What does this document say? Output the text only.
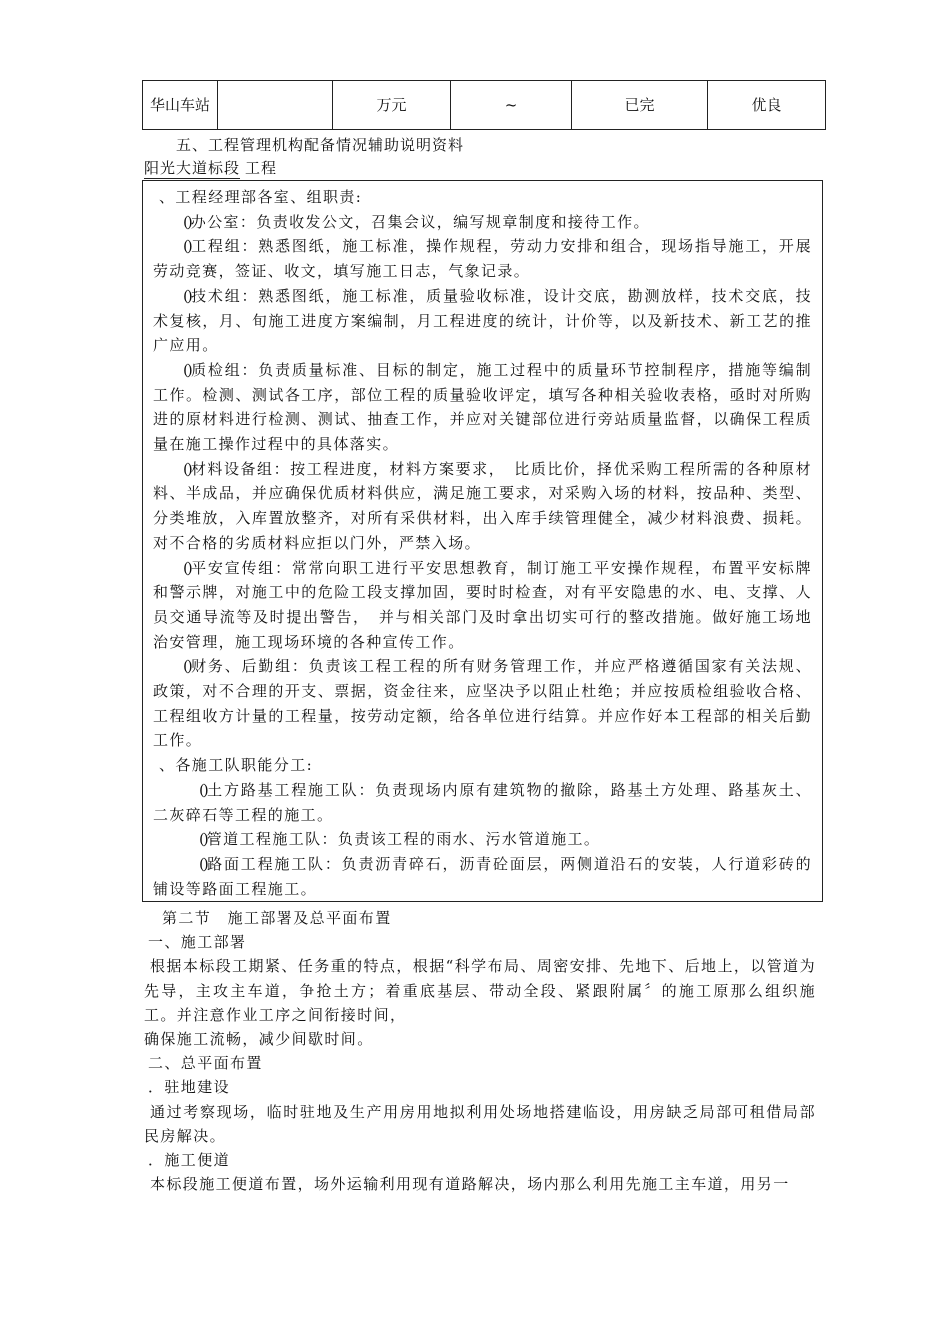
华山车站		万元	~	已完	优良
五、工程管理机构配备情况辅助说明资料
阳光大道标段 工程

、工程经理部各室、组职责:

()办公室：负责收发公文，召集会议，编写规章制度和接待工作。

()工程组：熟悉图纸，施工标准，操作规程，劳动力安排和组合，现场指导施工，开展劳动竞赛，签证、收文，填写施工日志，气象记录。

()技术组：熟悉图纸，施工标准，质量验收标准，设计交底，勘测放样，技术交底，技术复核，月、旬施工进度方案编制，月工程进度的统计，计价等，以及新技术、新工艺的推广应用。

()质检组：负责质量标准、目标的制定，施工过程中的质量环节控制程序，措施等编制工作。检测、测试各工序，部位工程的质量验收评定，填写各种相关验收表格，亟时对所购进的原材料进行检测、测试、抽查工作，并应对关键部位进行旁站质量监督，以确保工程质量在施工操作过程中的具体落实。

()材料设备组：按工程进度，材料方案要求，　比质比价，择优采购工程所需的各种原材料、半成品，并应确保优质材料供应，满足施工要求，对采购入场的材料，按品种、类型、分类堆放，入库置放整齐，对所有采供材料，出入库手续管理健全，减少材料浪费、损耗。对不合格的劣质材料应拒以门外，严禁入场。

()平安宣传组：常常向职工进行平安思想教育，制订施工平安操作规程，布置平安标牌和警示牌，对施工中的危险工段支撑加固，要时时检查，对有平安隐患的水、电、支撑、人员交通导流等及时提出警告，　并与相关部门及时拿出切实可行的整改措施。做好施工场地治安管理，施工现场环境的各种宣传工作。

()财务、后勤组：负责该工程工程的所有财务管理工作，并应严格遵循国家有关法规、政策，对不合理的开支、票据，资金往来，应坚决予以阻止杜绝；并应按质检组验收合格、工程组收方计量的工程量，按劳动定额，给各单位进行结算。并应作好本工程部的相关后勤工作。

、各施工队职能分工:

()土方路基工程施工队：负责现场内原有建筑物的撤除，路基土方处理、路基灰土、二灰碎石等工程的施工。

()管道工程施工队：负责该工程的雨水、污水管道施工。

()路面工程施工队：负责沥青碎石，沥青砼面层，两侧道沿石的安装，人行道彩砖的铺设等路面工程施工。

第二节　施工部署及总平面布置

一、施工部署

根据本标段工期紧、任务重的特点，根据“科学布局、周密安排、先地下、后地上，以管道为先导，主攻主车道，争抢土方；着重底基层、带动全段、紧跟附属〞的施工原那么组织施工。并注意作业工序之间衔接时间，

确保施工流畅，减少间歇时间。

二、总平面布置

．驻地建设

通过考察现场，临时驻地及生产用房用地拟利用处场地搭建临设，用房缺乏局部可租借局部民房解决。

．施工便道

本标段施工便道布置，场外运输利用现有道路解决，场内那么利用先施工主车道，用另一
